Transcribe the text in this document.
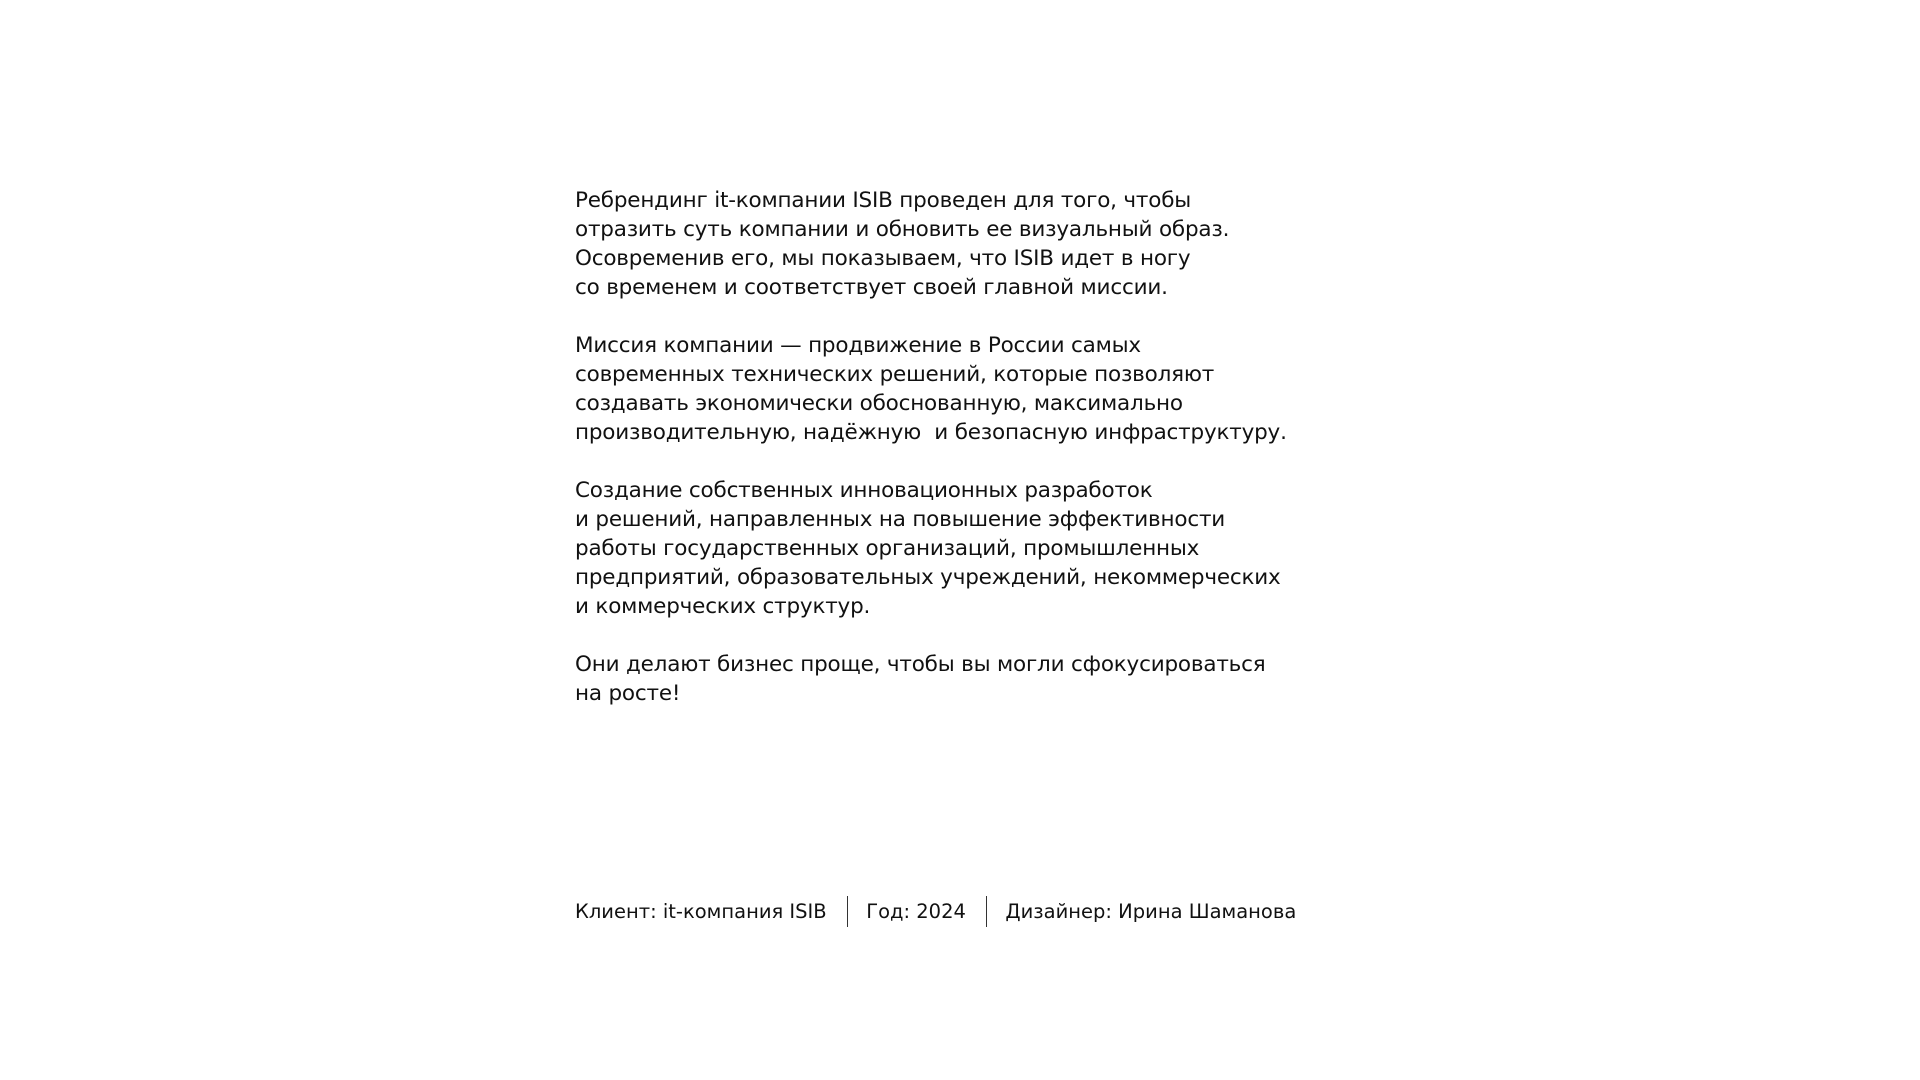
Ребрендинг it-компании ISIB проведен для того, чтобы
отразить суть компании и обновить ее визуальный образ.
Осовременив его, мы показываем, что ISIB идет в ногу
со временем и соответствует своей главной миссии.

Миссия компании — продвижение в России самых
современных технических решений, которые позволяют
создавать экономически обоснованную, максимально
производительную, надёжную  и безопасную инфраструктуру.

Создание собственных инновационных разработок
и решений, направленных на повышение эффективности
работы государственных организаций, промышленных
предприятий, образовательных учреждений, некоммерческих
и коммерческих структур.

Они делают бизнес проще, чтобы вы могли сфокусироваться
на росте!

Клиент: it-компания ISIB Год: 2024 Дизайнер: Ирина Шаманова
